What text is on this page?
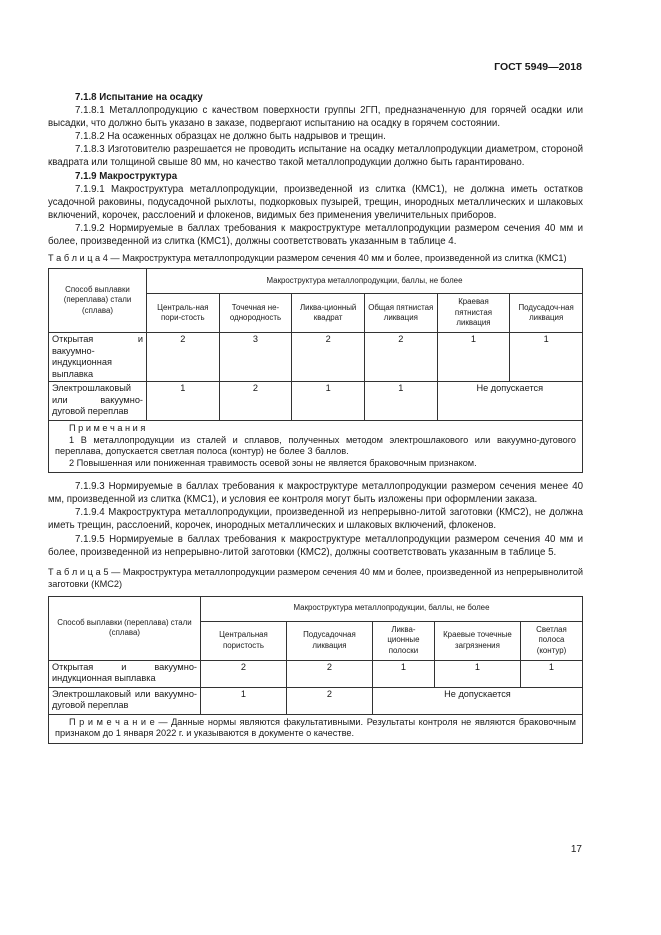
ГОСТ 5949—2018

7.1.8 Испытание на осадку

7.1.8.1 Металлопродукцию с качеством поверхности группы 2ГП, предназначенную для горячей осадки или высадки, что должно быть указано в заказе, подвергают испытанию на осадку в горячем состоянии.

7.1.8.2 На осаженных образцах не должно быть надрывов и трещин.

7.1.8.3 Изготовителю разрешается не проводить испытание на осадку металлопродукции диаметром, стороной квадрата или толщиной свыше 80 мм, но качество такой металлопродукции должно быть гарантировано.

7.1.9 Макроструктура

7.1.9.1 Макроструктура металлопродукции, произведенной из слитка (КМС1), не должна иметь остатков усадочной раковины, подусадочной рыхлоты, подкорковых пузырей, трещин, инородных металлических и шлаковых включений, корочек, расслоений и флокенов, видимых без применения увеличительных приборов.

7.1.9.2 Нормируемые в баллах требования к макроструктуре металлопродукции размером сечения 40 мм и более, произведенной из слитка (КМС1), должны соответствовать указанным в таблице 4.

Т а б л и ц а 4 — Макроструктура металлопродукции размером сечения 40 мм и более, произведенной из слитка (КМС1)

Способ выплавки (переплава) стали (сплава)	Макроструктура металлопродукции, баллы, не более					
	Централь-ная пори-стость	Точечная не-однородность	Ликва-ционный квадрат	Общая пятнистая ликвация	Краевая пятнистая ликвация	Подусадоч-ная ликвация
Открытая и вакуумно-индукционная выплавка	2	3	2	2	1	1
Электрошлаковый или вакуумно-дуговой переплав	1	2	1	1	Не допускается	

П р и м е ч а н и я
1 В металлопродукции из сталей и сплавов, полученных методом электрошлакового или вакуумно-дугового переплава, допускается светлая полоса (контур) не более 3 баллов.
2 Повышенная или пониженная травимость осевой зоны не является браковочным признаком.						

7.1.9.3 Нормируемые в баллах требования к макроструктуре металлопродукции размером сечения менее 40 мм, произведенной из слитка (КМС1), и условия ее контроля могут быть изложены при оформлении заказа.

7.1.9.4 Макроструктура металлопродукции, произведенной из непрерывно-литой заготовки (КМС2), не должна иметь трещин, расслоений, корочек, инородных металлических и шлаковых включений, флокенов.

7.1.9.5 Нормируемые в баллах требования к макроструктуре металлопродукции размером сечения 40 мм и более, произведенной из непрерывно-литой заготовки (КМС2), должны соответствовать указанным в таблице 5.

Т а б л и ц а 5 — Макроструктура металлопродукции размером сечения 40 мм и более, произведенной из непрерывнолитой заготовки (КМС2)

Способ выплавки (переплава) стали (сплава)	Макроструктура металлопродукции, баллы, не более				
	Центральная пористость	Подусадочная ликвация	Ликва-ционные полоски	Краевые точечные загрязнения	Светлая полоса (контур)
Открытая и вакуумно-индукционная выплавка	2	2	1	1	1
Электрошлаковый или вакуумно-дуговой переплав	1	2	Не допускается		

П р и м е ч а н и е — Данные нормы являются факультативными. Результаты контроля не являются браковочным признаком до 1 января 2022 г. и указываются в документе о качестве.					
17
